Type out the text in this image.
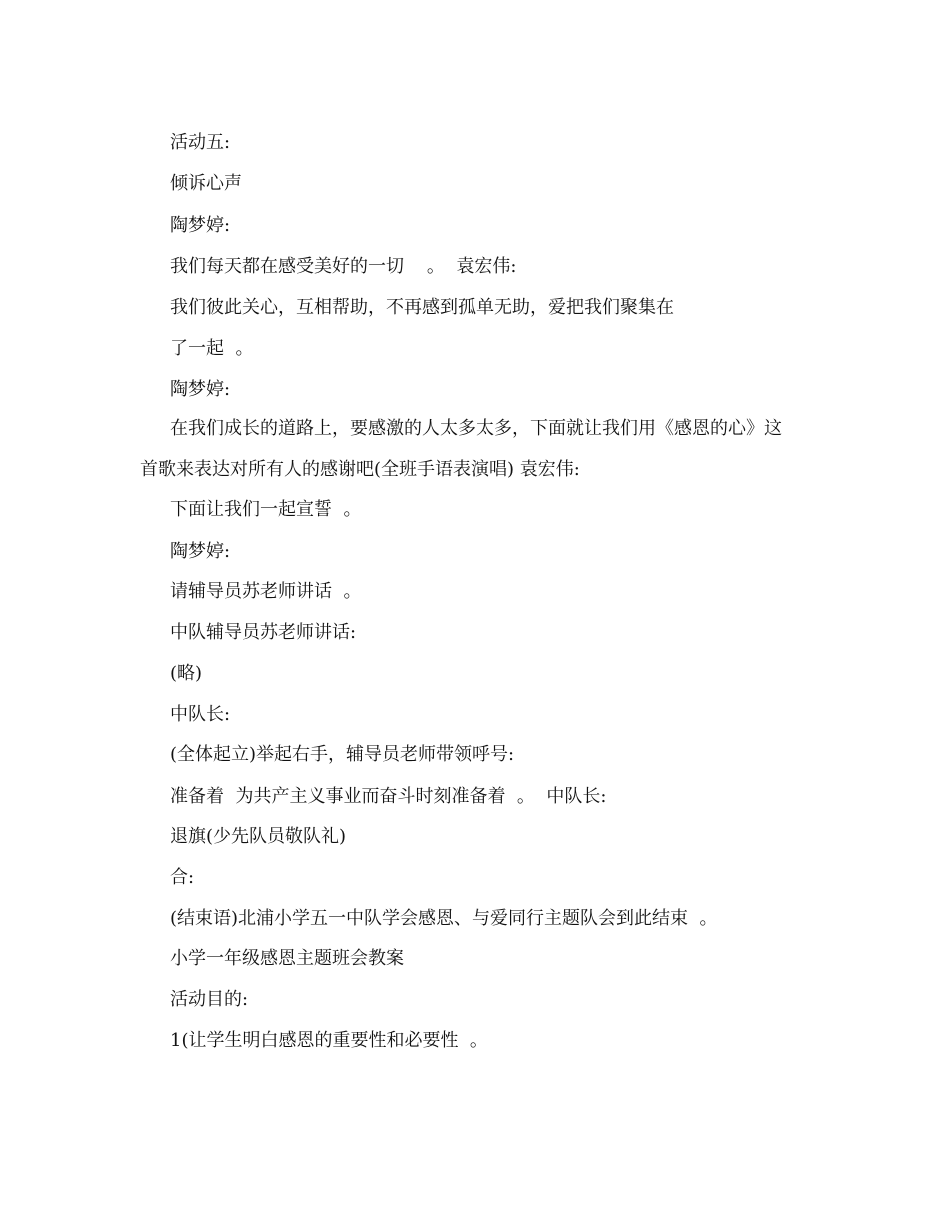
活动五:
倾诉心声
陶梦婷:
我们每天都在感受美好的一切    。  袁宏伟:
我们彼此关心，互相帮助，不再感到孤单无助，爱把我们聚集在
了一起  。
陶梦婷:
在我们成长的道路上，要感激的人太多太多，下面就让我们用《感恩的心》这
首歌来表达对所有人的感谢吧(全班手语表演唱) 袁宏伟:
下面让我们一起宣誓  。
陶梦婷:
请辅导员苏老师讲话  。
中队辅导员苏老师讲话:
(略)
中队长:
(全体起立)举起右手，辅导员老师带领呼号:
准备着  为共产主义事业而奋斗时刻准备着  。  中队长:
退旗(少先队员敬队礼)
合:
(结束语)北浦小学五一中队学会感恩、与爱同行主题队会到此结束  。
小学一年级感恩主题班会教案
活动目的:
1(让学生明白感恩的重要性和必要性  。
